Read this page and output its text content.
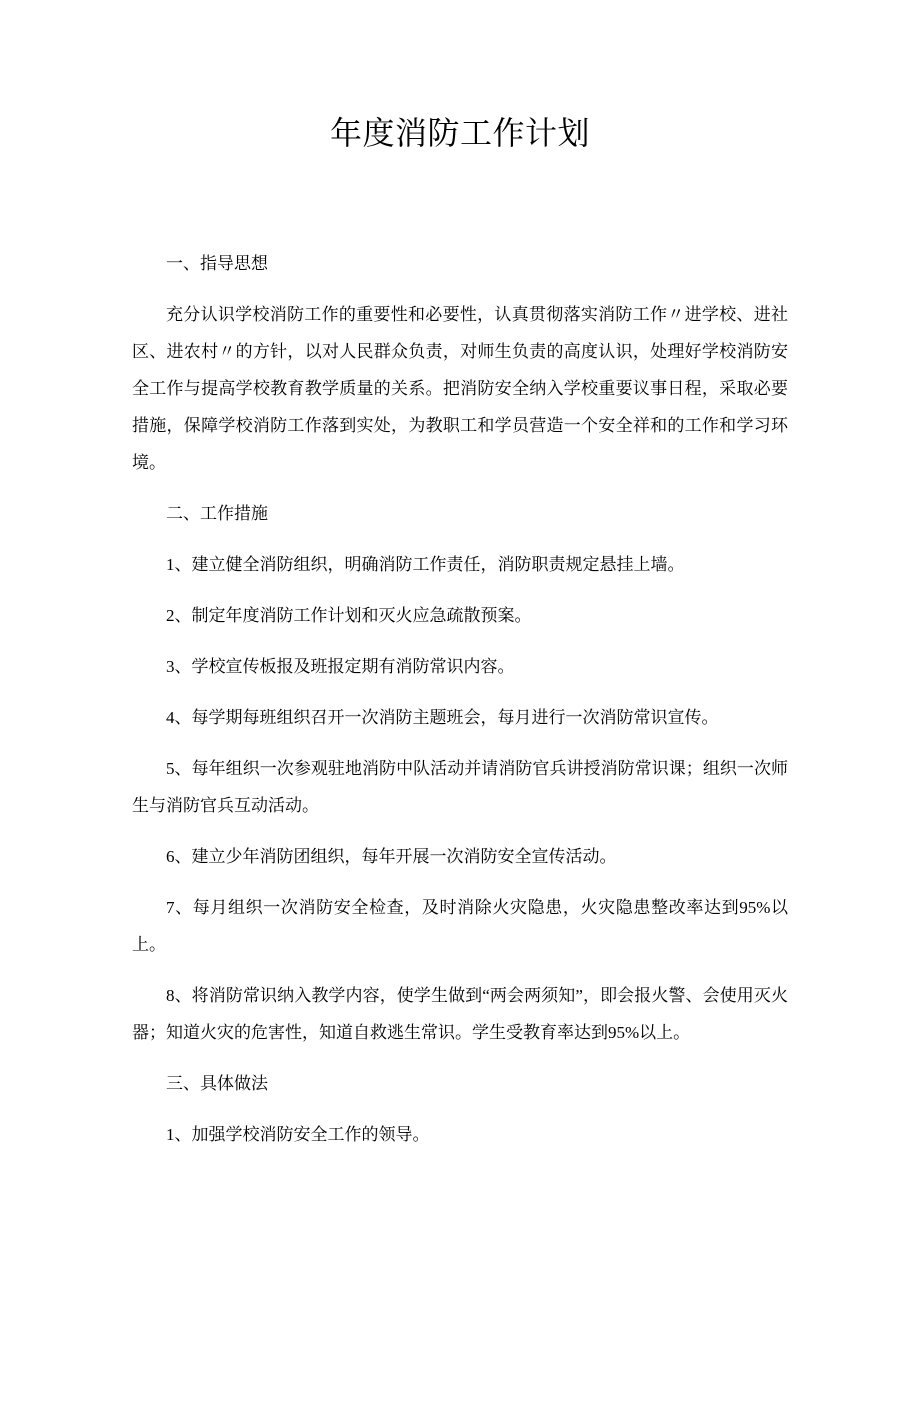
年度消防工作计划

一、指导思想

充分认识学校消防工作的重要性和必要性，认真贯彻落实消防工作〃进学校、进社区、进农村〃的方针，以对人民群众负责，对师生负责的高度认识，处理好学校消防安全工作与提高学校教育教学质量的关系。把消防安全纳入学校重要议事日程，采取必要措施，保障学校消防工作落到实处，为教职工和学员营造一个安全祥和的工作和学习环境。

二、工作措施

1、建立健全消防组织，明确消防工作责任，消防职责规定悬挂上墙。

2、制定年度消防工作计划和灭火应急疏散预案。

3、学校宣传板报及班报定期有消防常识内容。

4、每学期每班组织召开一次消防主题班会，每月进行一次消防常识宣传。

5、每年组织一次参观驻地消防中队活动并请消防官兵讲授消防常识课；组织一次师生与消防官兵互动活动。

6、建立少年消防团组织，每年开展一次消防安全宣传活动。

7、每月组织一次消防安全检查，及时消除火灾隐患，火灾隐患整改率达到95%以上。

8、将消防常识纳入教学内容，使学生做到“两会两须知”，即会报火警、会使用灭火器；知道火灾的危害性，知道自救逃生常识。学生受教育率达到95%以上。

三、具体做法

1、加强学校消防安全工作的领导。
